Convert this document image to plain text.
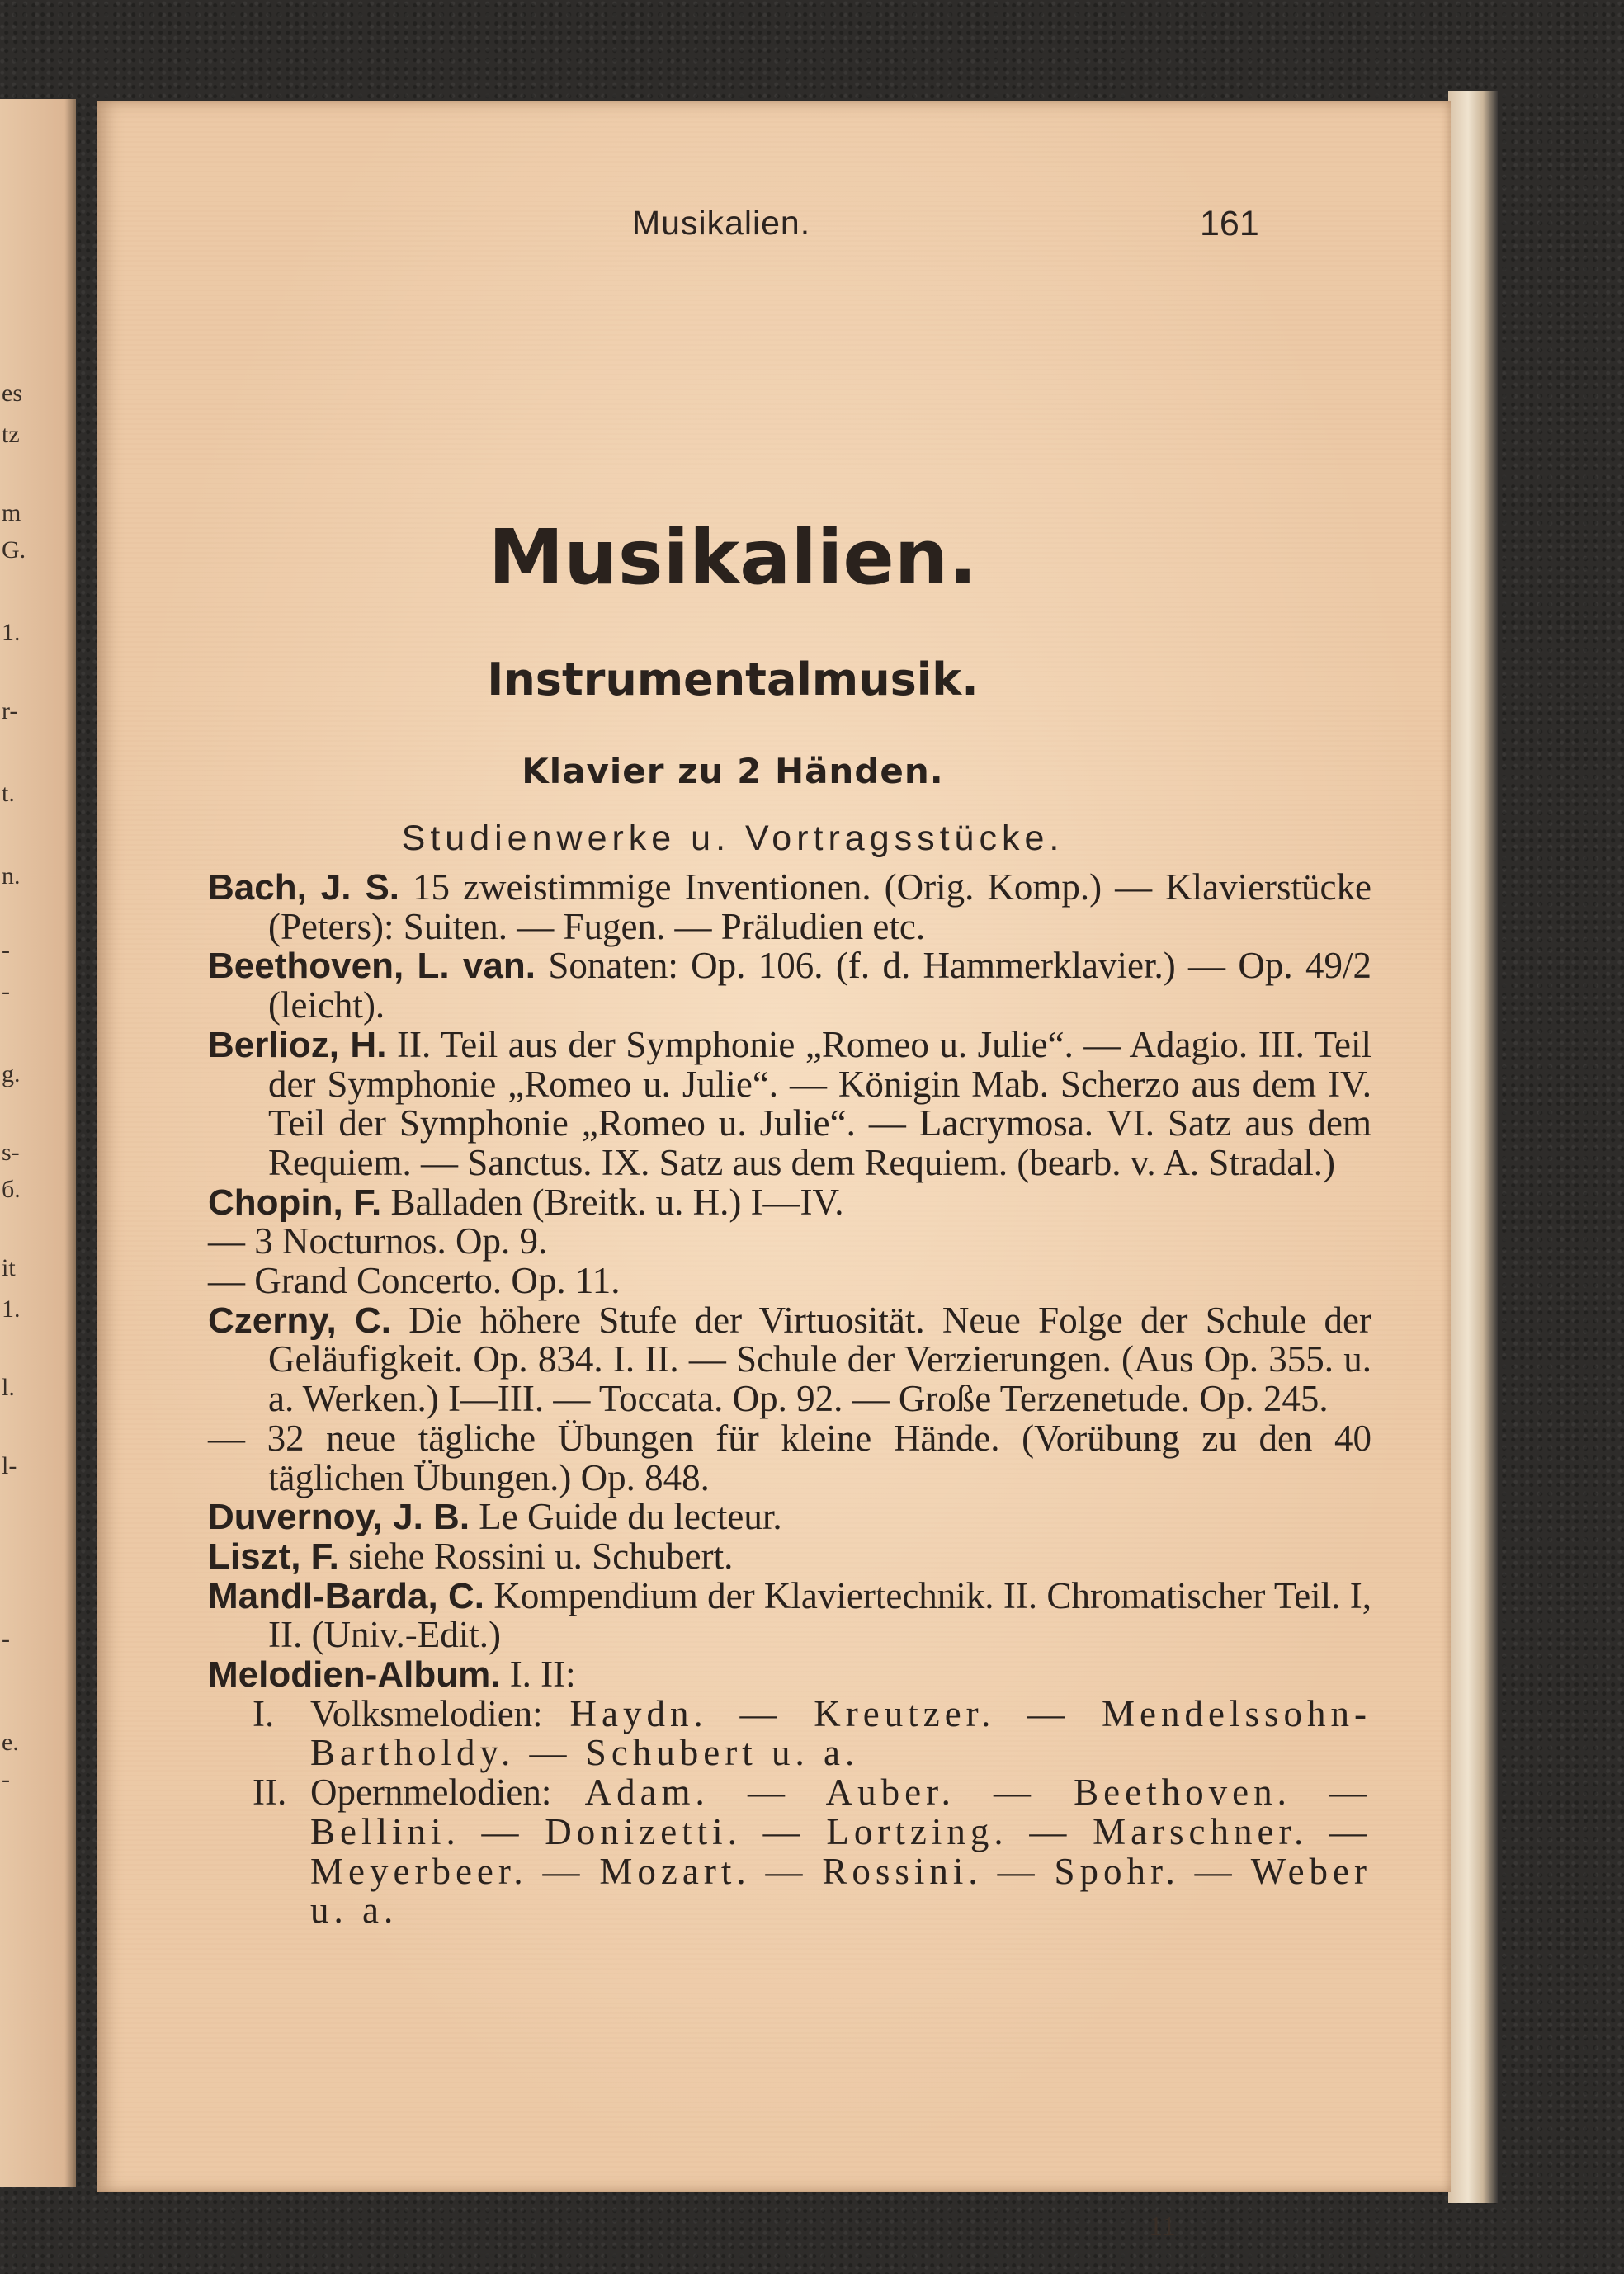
es
tz
m
G.
1.
r-
t.
n.
-
-
g.
s-
б.
it
1.
l.
l-
-
e.
-
Musikalien.	161
Musikalien.
Instrumentalmusik.
Klavier zu 2 Händen.
Studienwerke u. Vortragsstücke.
Bach, J. S. 15 zweistimmige Inventionen. (Orig. Komp.) — Klavierstücke (Peters): Suiten. — Fugen. — Präludien etc.
Beethoven, L. van. Sonaten: Op. 106. (f. d. Hammerklavier.) — Op. 49/2 (leicht).
Berlioz, H. II. Teil aus der Symphonie „Romeo u. Julie“. — Adagio. III. Teil der Symphonie „Romeo u. Julie“. — Königin Mab. Scherzo aus dem IV. Teil der Symphonie „Romeo u. Julie“. — Lacrymosa. VI. Satz aus dem Requiem. — Sanctus. IX. Satz aus dem Requiem. (bearb. v. A. Stradal.)
Chopin, F. Balladen (Breitk. u. H.) I—IV.
— 3 Nocturnos. Op. 9.
— Grand Concerto. Op. 11.
Czerny, C. Die höhere Stufe der Virtuosität. Neue Folge der Schule der Geläufigkeit. Op. 834. I. II. — Schule der Verzierungen. (Aus Op. 355. u. a. Werken.) I—III. — Toccata. Op. 92. — Große Terzenetude. Op. 245.
— 32 neue tägliche Übungen für kleine Hände. (Vorübung zu den 40 täglichen Übungen.) Op. 848.
Duvernoy, J. B. Le Guide du lecteur.
Liszt, F. siehe Rossini u. Schubert.
Mandl-Barda, C. Kompendium der Klaviertechnik. II. Chromatischer Teil. I, II. (Univ.-Edit.)
Melodien-Album. I. II:
I. Volksmelodien: Haydn. — Kreutzer. — Mendelssohn-Bartholdy. — Schubert u. a.
II. Opernmelodien: Adam. — Auber. — Beethoven. — Bellini. — Donizetti. — Lortzing. — Marschner. — Meyerbeer. — Mozart. — Rossini. — Spohr. — Weber u. a.
11
